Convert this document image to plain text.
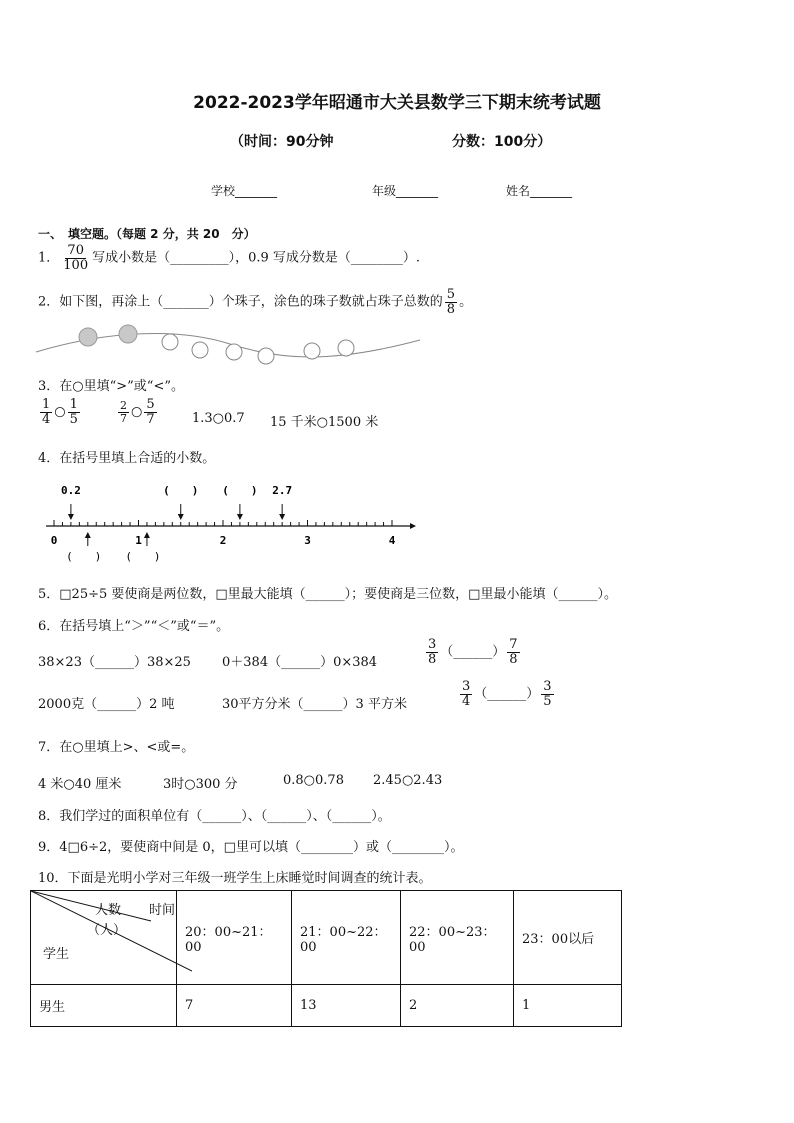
2022-2023学年昭通市大关县数学三下期末统考试题
（时间：90分钟	分数：100分）
学校_______	年级_______	姓名_______
一、　填空题。（每题 2 分，共 20　分）
1． $\frac{70}{100}$ 写成小数是（_________），0.9 写成分数是（________）.
2．如下图，再涂上（_______）个珠子，涂色的珠子数就占珠子总数的 $\frac{5}{8}$ 。
3．在○里填“>”或“<”。
$\frac{1}{4}$ ○ $\frac{1}{5}$	$\frac{2}{7}$ ○ $\frac{5}{7}$	1.3○0.7 15 千米○1500 米
4．在括号里填上合适的小数。
0	1	2	3	4
0.2	(　　) (　　) 2.7
(　　) (　　)
5．□25÷5 要使商是两位数，□里最大能填（______）；要使商是三位数，□里最小能填（______）。
6．在括号填上“＞”“＜”或“＝”。
38×23（______）38×25 0＋384（______）0×384	$\frac{3}{8}$ （______） $\frac{7}{8}$
2000克（______）2 吨	30平方分米（______）3 平方米	$\frac{3}{4}$ （______） $\frac{3}{5}$
7．在○里填上>、<或=。
4 米○40 厘米	3时○300 分	0.8○0.78 2.45○2.43
8．我们学过的面积单位有（______）、（______）、（______）。
9．4□6÷2，要使商中间是 0，□里可以填（________）或（________）。
10．下面是光明小学对三年级一班学生上床睡觉时间调查的统计表。
人数
（人）
时间
学生	20：00~21：00	21：00~22：00	22：00~23：00	23：00以后
男生	7	13	2	1
